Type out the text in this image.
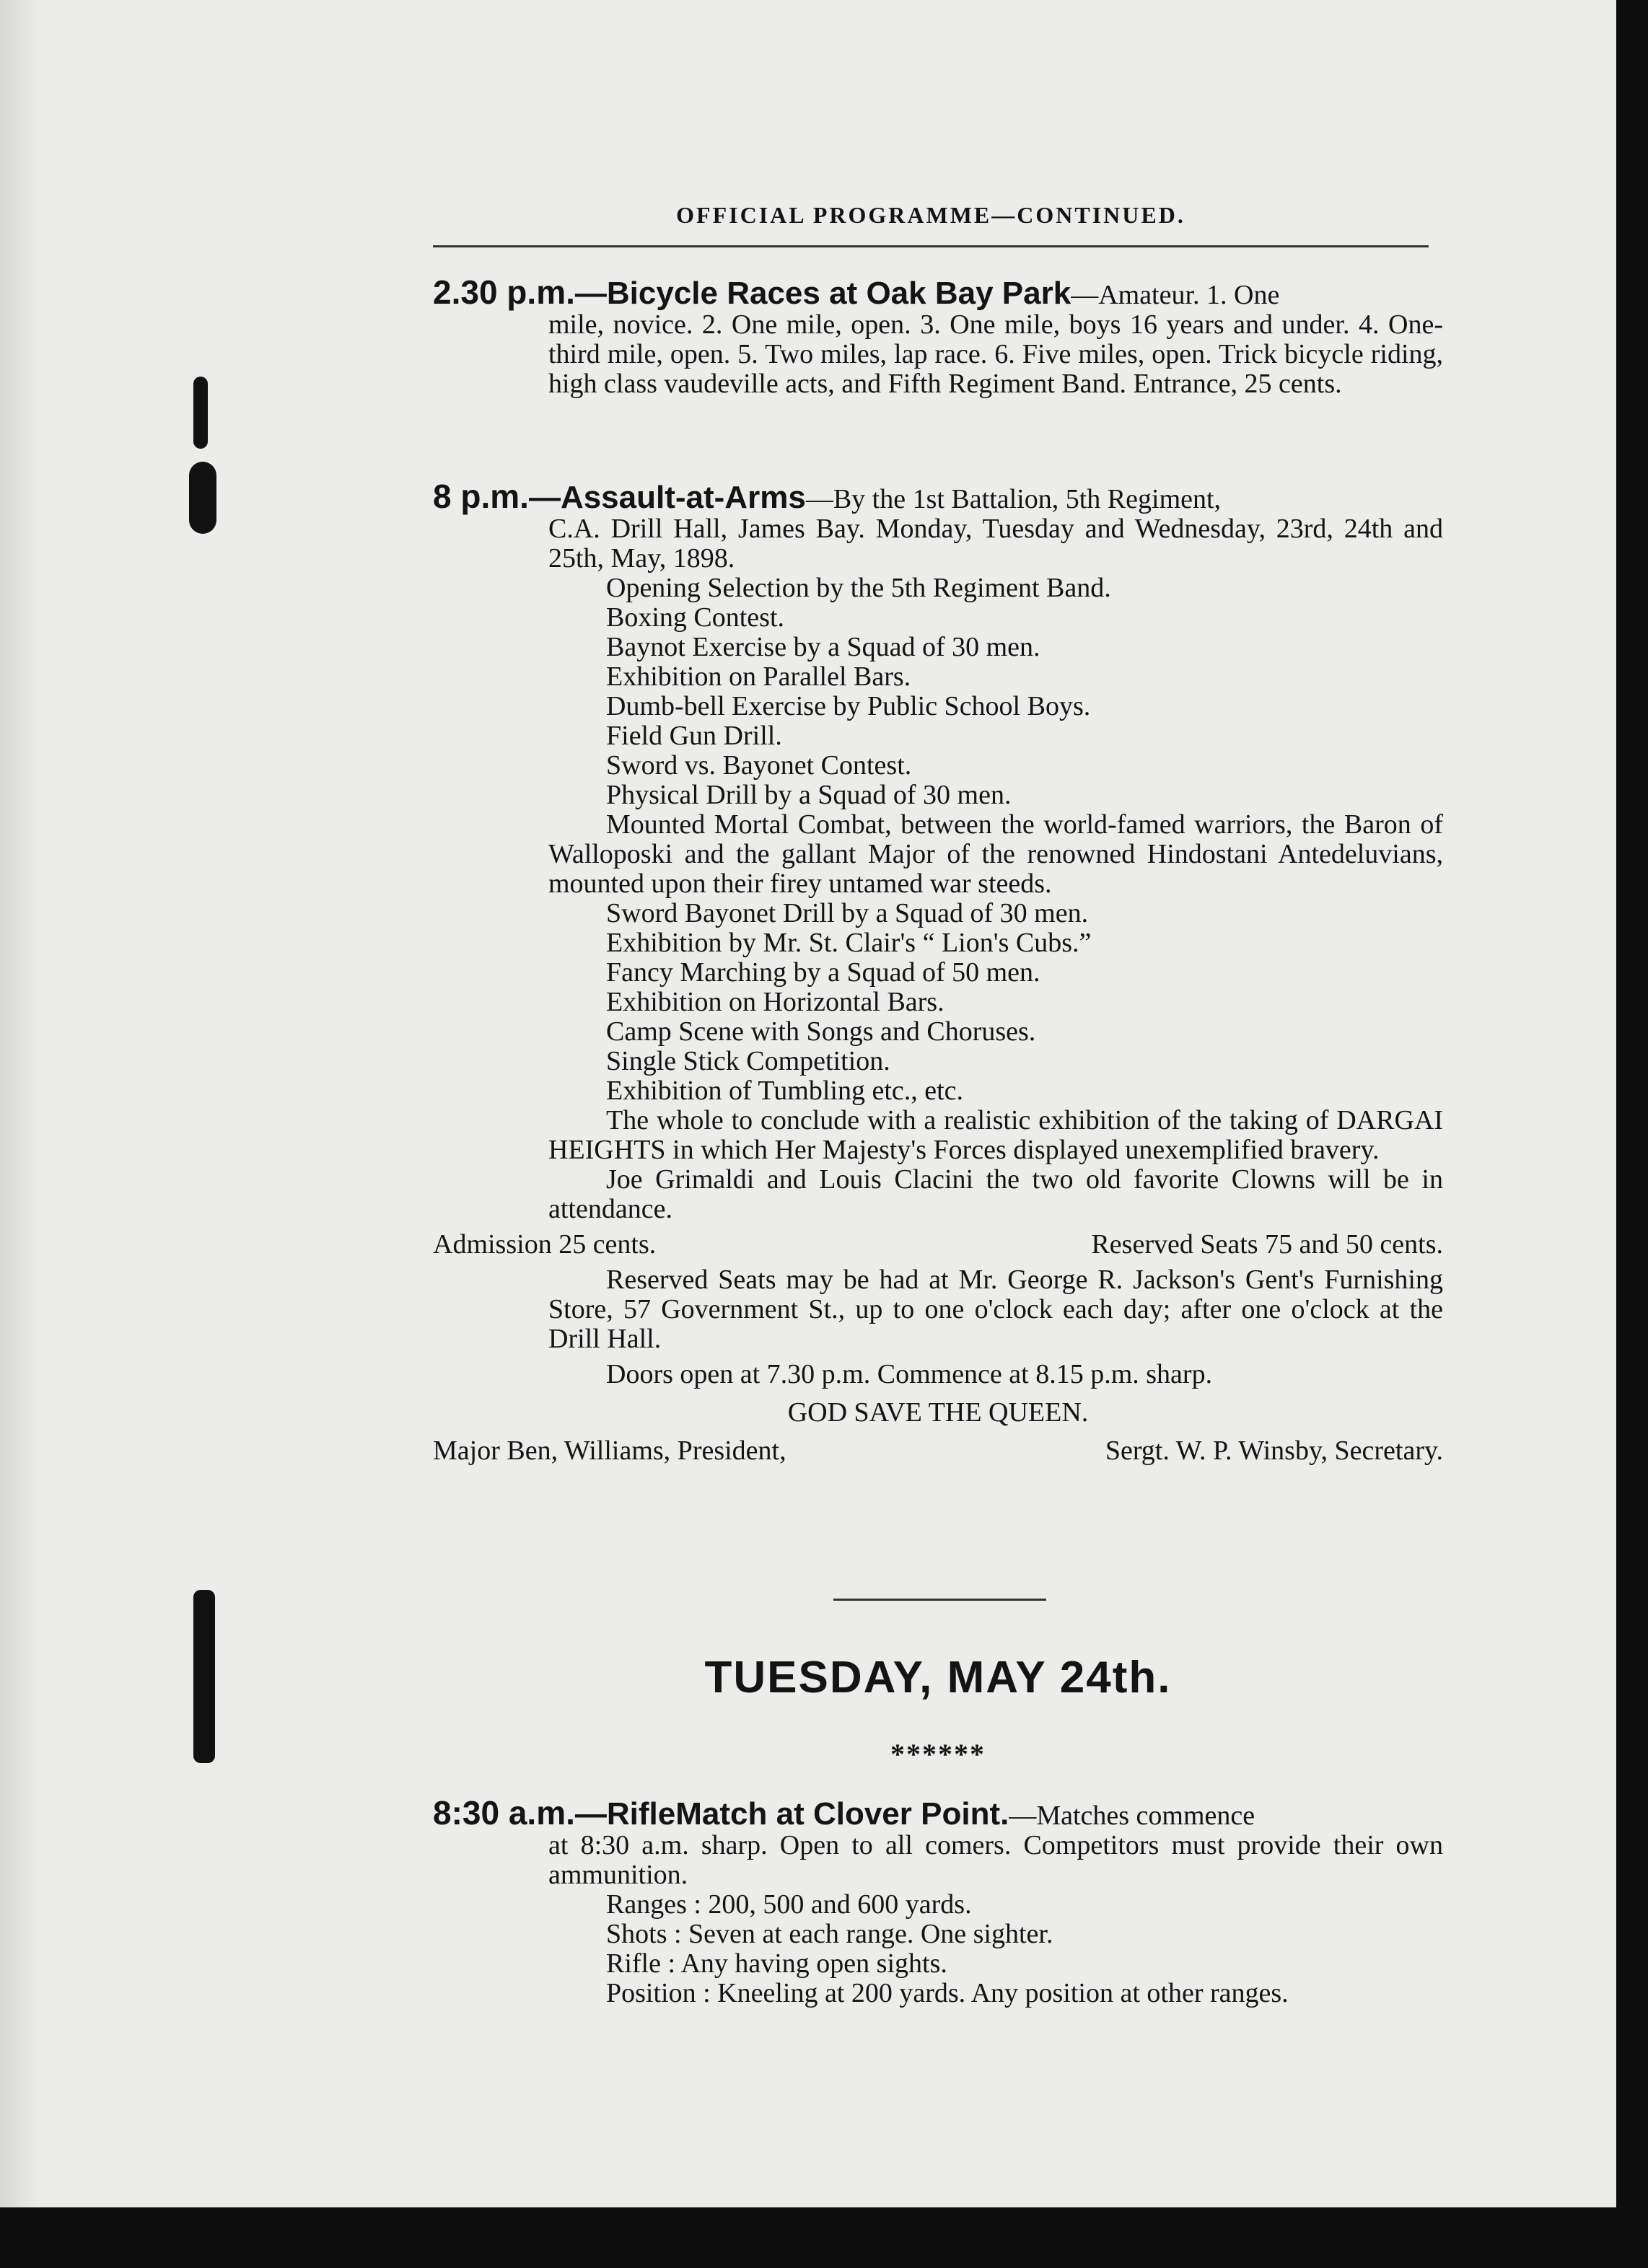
OFFICIAL PROGRAMME—CONTINUED.

2.30 p.m.—Bicycle Races at Oak Bay Park—Amateur. 1. One

mile, novice. 2. One mile, open. 3. One mile, boys 16 years and under. 4. One-third mile, open. 5. Two miles, lap race. 6. Five miles, open. Trick bicycle riding, high class vaudeville acts, and Fifth Regiment Band. Entrance, 25 cents.

8 p.m.—Assault-at-Arms—By the 1st Battalion, 5th Regiment,

C.A. Drill Hall, James Bay. Monday, Tuesday and Wednesday, 23rd, 24th and 25th, May, 1898.

Opening Selection by the 5th Regiment Band.

Boxing Contest.

Baynot Exercise by a Squad of 30 men.

Exhibition on Parallel Bars.

Dumb-bell Exercise by Public School Boys.

Field Gun Drill.

Sword vs. Bayonet Contest.

Physical Drill by a Squad of 30 men.

Mounted Mortal Combat, between the world-famed warriors, the Baron of Walloposki and the gallant Major of the renowned Hindostani Antedeluvians, mounted upon their firey untamed war steeds.

Sword Bayonet Drill by a Squad of 30 men.

Exhibition by Mr. St. Clair's “ Lion's Cubs.”

Fancy Marching by a Squad of 50 men.

Exhibition on Horizontal Bars.

Camp Scene with Songs and Choruses.

Single Stick Competition.

Exhibition of Tumbling etc., etc.

The whole to conclude with a realistic exhibition of the taking of DARGAI HEIGHTS in which Her Majesty's Forces displayed unexemplified bravery.

Joe Grimaldi and Louis Clacini the two old favorite Clowns will be in attendance.

Admission 25 cents.	Reserved Seats 75 and 50 cents.

Reserved Seats may be had at Mr. George R. Jackson's Gent's Furnishing Store, 57 Government St., up to one o'clock each day; after one o'clock at the Drill Hall.

Doors open at 7.30 p.m. Commence at 8.15 p.m. sharp.

GOD SAVE THE QUEEN.

Major Ben, Williams, President,	Sergt. W. P. Winsby, Secretary.
TUESDAY, MAY 24th.
******

8:30 a.m.—RifleMatch at Clover Point.—Matches commence

at 8:30 a.m. sharp. Open to all comers. Competitors must provide their own ammunition.

Ranges : 200, 500 and 600 yards.

Shots : Seven at each range. One sighter.

Rifle : Any having open sights.

Position : Kneeling at 200 yards. Any position at other ranges.
